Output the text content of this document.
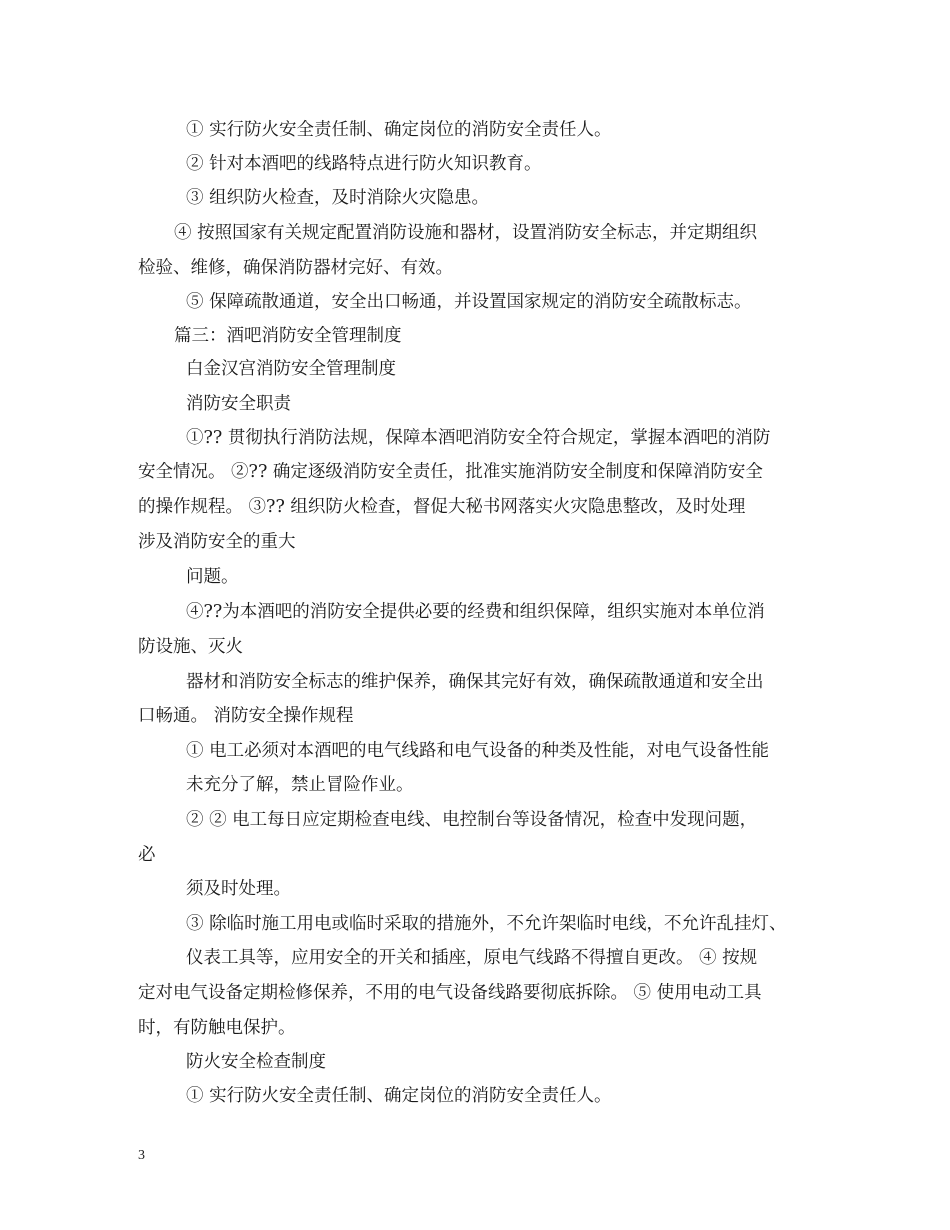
① 实行防火安全责任制、确定岗位的消防安全责任人。
② 针对本酒吧的线路特点进行防火知识教育。
③ 组织防火检查，及时消除火灾隐患。
④ 按照国家有关规定配置消防设施和器材，设置消防安全标志，并定期组织
检验、维修，确保消防器材完好、有效。
⑤ 保障疏散通道，安全出口畅通，并设置国家规定的消防安全疏散标志。
篇三：酒吧消防安全管理制度
白金汉宫消防安全管理制度
消防安全职责
①?? 贯彻执行消防法规，保障本酒吧消防安全符合规定，掌握本酒吧的消防
安全情况。 ②?? 确定逐级消防安全责任，批准实施消防安全制度和保障消防安全
的操作规程。 ③?? 组织防火检查，督促大秘书网落实火灾隐患整改，及时处理
涉及消防安全的重大
问题。
④??为本酒吧的消防安全提供必要的经费和组织保障，组织实施对本单位消
防设施、灭火
器材和消防安全标志的维护保养，确保其完好有效，确保疏散通道和安全出
口畅通。 消防安全操作规程
① 电工必须对本酒吧的电气线路和电气设备的种类及性能，对电气设备性能
未充分了解，禁止冒险作业。
② ② 电工每日应定期检查电线、电控制台等设备情况，检查中发现问题，
必
须及时处理。
③ 除临时施工用电或临时采取的措施外，不允许架临时电线，不允许乱挂灯、
仪表工具等，应用安全的开关和插座，原电气线路不得擅自更改。 ④ 按规
定对电气设备定期检修保养，不用的电气设备线路要彻底拆除。 ⑤ 使用电动工具
时，有防触电保护。
防火安全检查制度
① 实行防火安全责任制、确定岗位的消防安全责任人。
3
